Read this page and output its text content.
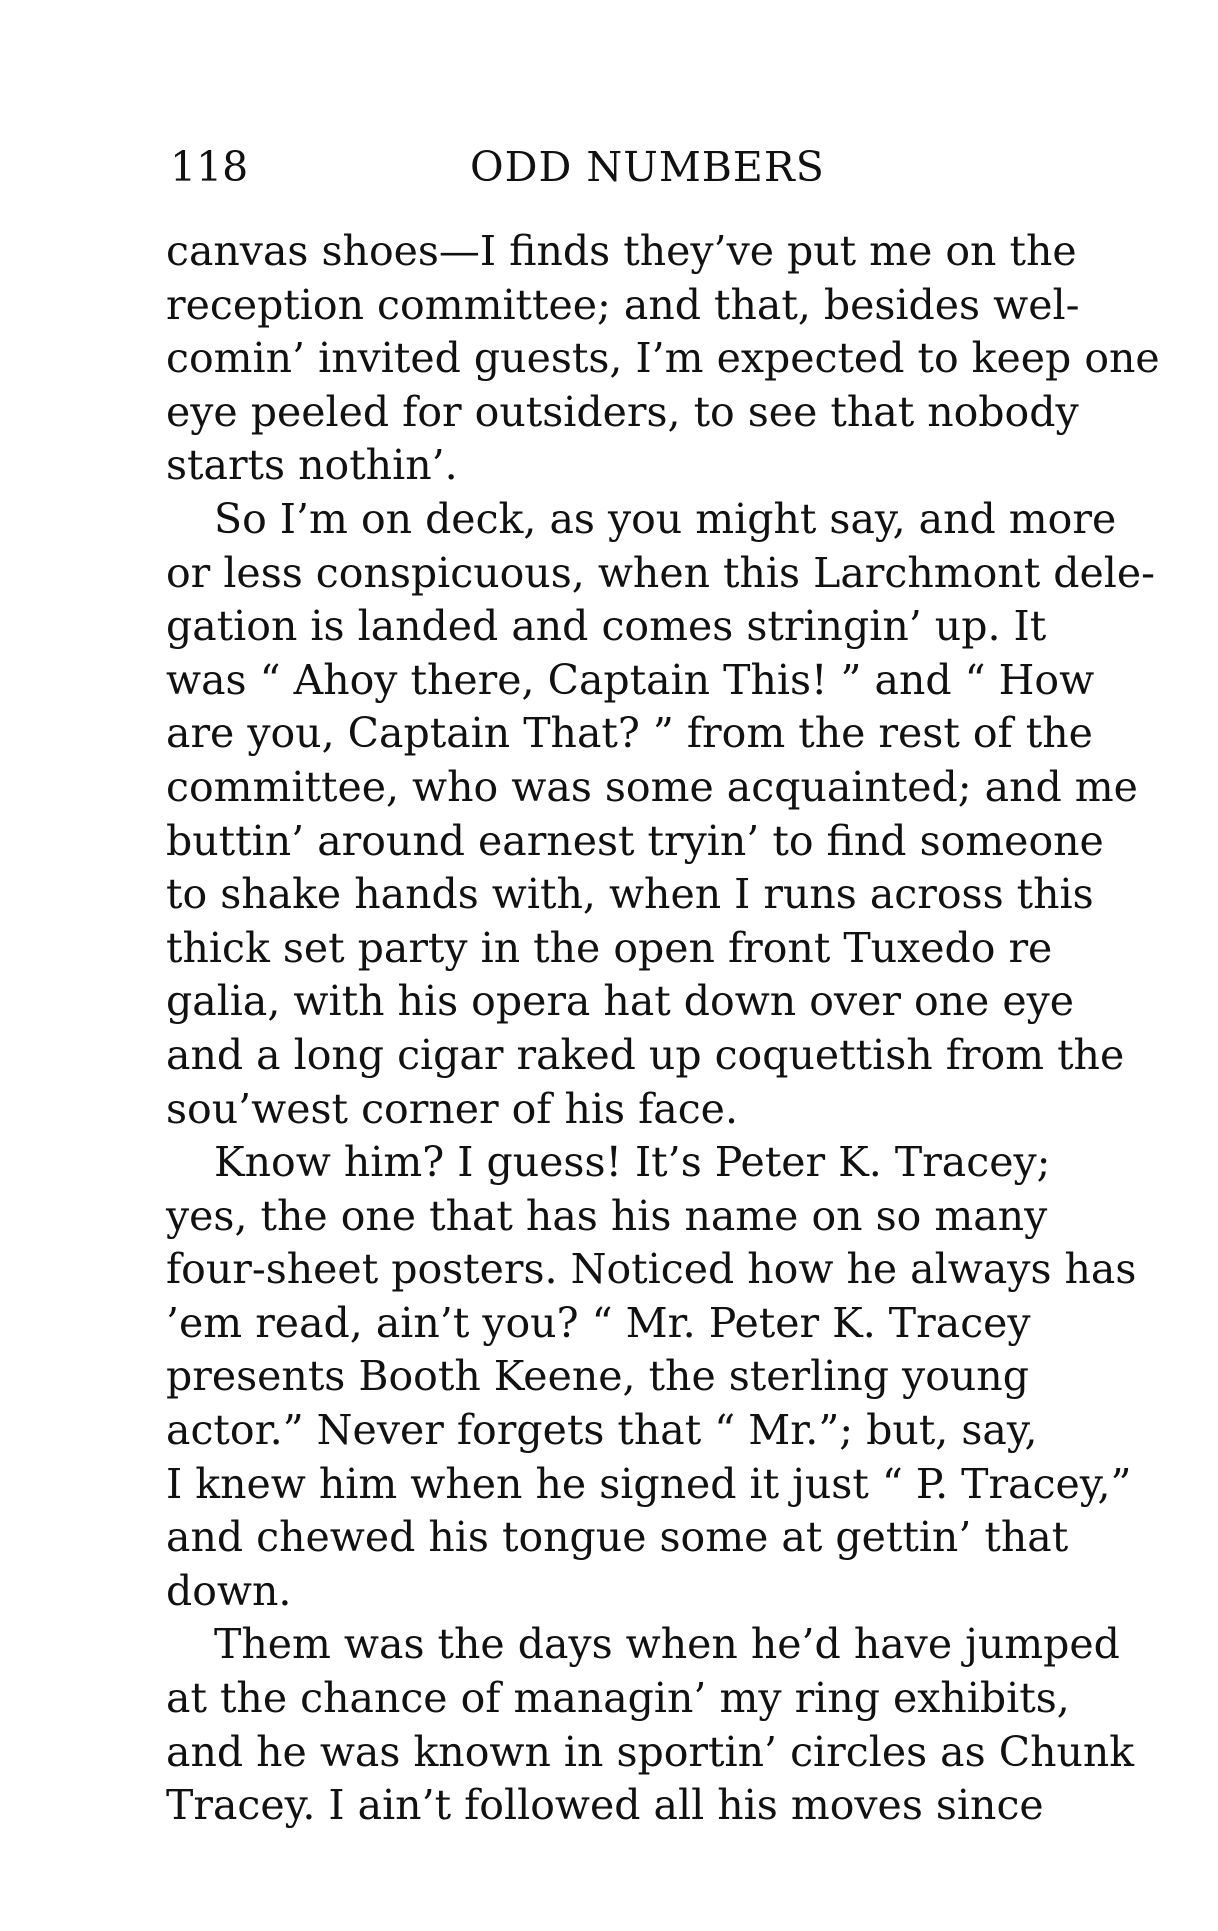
118	ODD NUMBERS
canvas shoes—I finds they’ve put me on the
reception committee; and that, besides wel-
comin’ invited guests, I’m expected to keep one
eye peeled for outsiders, to see that nobody
starts nothin’.
So I’m on deck, as you might say, and more
or less conspicuous, when this Larchmont dele-
gation is landed and comes stringin’ up. It
was “ Ahoy there, Captain This! ” and “ How
are you, Captain That? ” from the rest of the
committee, who was some acquainted; and me
buttin’ around earnest tryin’ to find someone
to shake hands with, when I runs across this
thick set party in the open front Tuxedo re
galia, with his opera hat down over one eye
and a long cigar raked up coquettish from the
sou’west corner of his face.
Know him? I guess! It’s Peter K. Tracey;
yes, the one that has his name on so many
four-sheet posters. Noticed how he always has
’em read, ain’t you? “ Mr. Peter K. Tracey
presents Booth Keene, the sterling young
actor.” Never forgets that “ Mr.”; but, say,
I knew him when he signed it just “ P. Tracey,”
and chewed his tongue some at gettin’ that
down.
Them was the days when he’d have jumped
at the chance of managin’ my ring exhibits,
and he was known in sportin’ circles as Chunk
Tracey. I ain’t followed all his moves since
